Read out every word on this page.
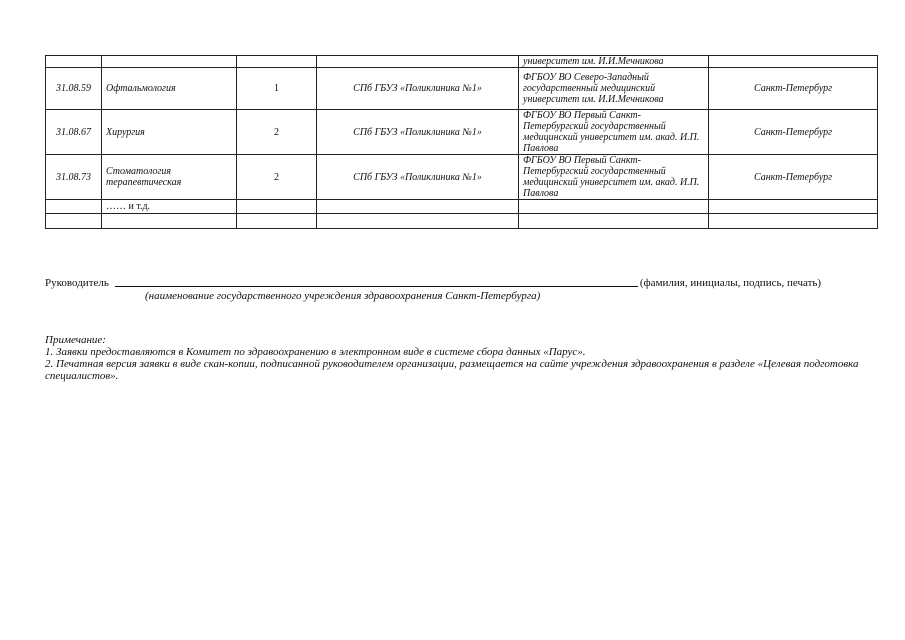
				университет им. И.И.Мечникова	
31.08.59	Офтальмология	1	СПб ГБУЗ «Поликлиника №1»	ФГБОУ ВО Северо-Западный государственный медицинский университет им. И.И.Мечникова	Санкт-Петербург
31.08.67	Хирургия	2	СПб ГБУЗ «Поликлиника №1»	ФГБОУ ВО Первый Санкт-Петербургский государственный медицинский университет им. акад. И.П. Павлова	Санкт-Петербург
31.08.73	Стоматология терапевтическая	2	СПб ГБУЗ «Поликлиника №1»	ФГБОУ ВО Первый Санкт-Петербургский государственный медицинский университет им. акад. И.П. Павлова	Санкт-Петербург
	…… и т.д.				

Руководитель	(фамилия, инициалы, подпись, печать)
(наименование государственного учреждения здравоохранения Санкт-Петербурга)

Примечание:

1. Заявки предоставляются в Комитет по здравоохранению в электронном виде в системе сбора данных «Парус».

2. Печатная версия заявки в виде скан-копии, подписанной руководителем организации, размещается на сайте учреждения здравоохранения в разделе «Целевая подготовка специалистов».
